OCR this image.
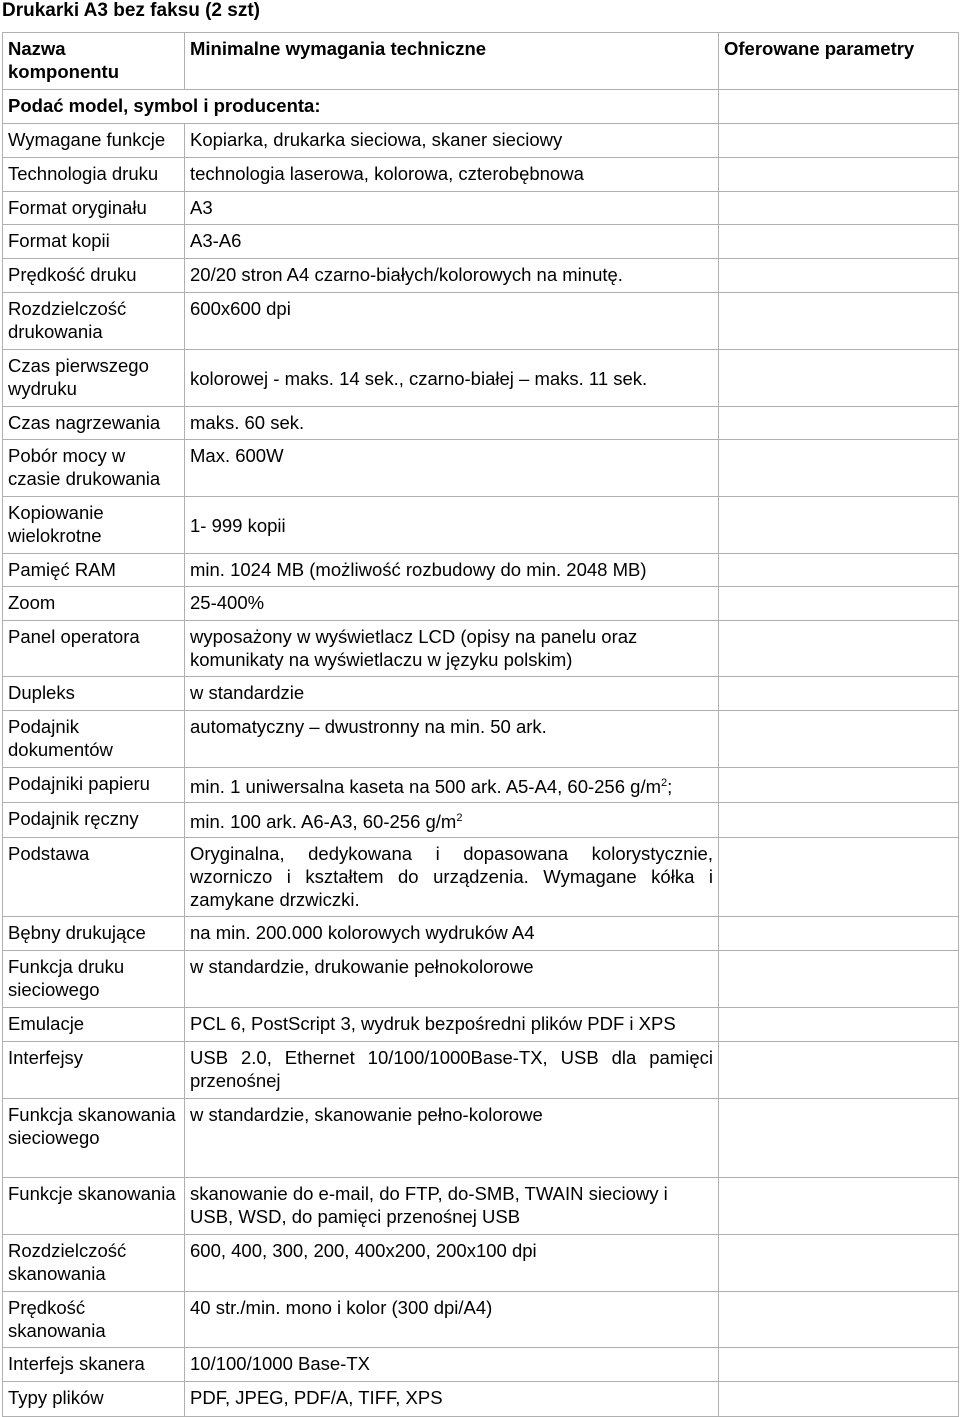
Drukarki A3 bez faksu (2 szt)
Nazwa komponentu	Minimalne wymagania techniczne	Oferowane parametry
Podać model, symbol i producenta:		
Wymagane funkcje	Kopiarka, drukarka sieciowa, skaner sieciowy	
Technologia druku	technologia laserowa, kolorowa, czterobębnowa	
Format oryginału	A3	
Format kopii	A3-A6	
Prędkość druku	20/20 stron A4 czarno-białych/kolorowych na minutę.	
Rozdzielczość drukowania	600x600 dpi	
Czas pierwszego wydruku	kolorowej - maks. 14 sek., czarno-białej – maks. 11 sek.	
Czas nagrzewania	maks. 60 sek.	
Pobór mocy w czasie drukowania	Max. 600W	
Kopiowanie wielokrotne	1- 999 kopii	
Pamięć RAM	min. 1024 MB (możliwość rozbudowy do min. 2048 MB)	
Zoom	25-400%	
Panel operatora	wyposażony w wyświetlacz LCD (opisy na panelu oraz komunikaty na wyświetlaczu w języku polskim)	
Dupleks	w standardzie	
Podajnik dokumentów	automatyczny – dwustronny na min. 50 ark.	
Podajniki papieru	min. 1 uniwersalna kaseta na 500 ark. A5-A4, 60-256 $g/m^2$;	
Podajnik ręczny	min. 100 ark. A6-A3, 60-256 $g/m^2$	
Podstawa	Oryginalna, dedykowana i dopasowana kolorystycznie, wzorniczo i kształtem do urządzenia. Wymagane kółka i zamykane drzwiczki.	
Bębny drukujące	na min. 200.000 kolorowych wydruków A4	
Funkcja druku sieciowego	w standardzie, drukowanie pełnokolorowe	
Emulacje	PCL 6, PostScript 3, wydruk bezpośredni plików PDF i XPS	
Interfejsy	USB 2.0, Ethernet 10/100/1000Base-TX, USB dla pamięci przenośnej	
Funkcja skanowania sieciowego	w standardzie, skanowanie pełno-kolorowe	
Funkcje skanowania	skanowanie do e-mail, do FTP, do-SMB, TWAIN sieciowy i USB, WSD, do pamięci przenośnej USB	
Rozdzielczość skanowania	600, 400, 300, 200, 400x200, 200x100 dpi	
Prędkość skanowania	40 str./min. mono i kolor (300 dpi/A4)	
Interfejs skanera	10/100/1000 Base-TX	
Typy plików	PDF, JPEG, PDF/A, TIFF, XPS	
